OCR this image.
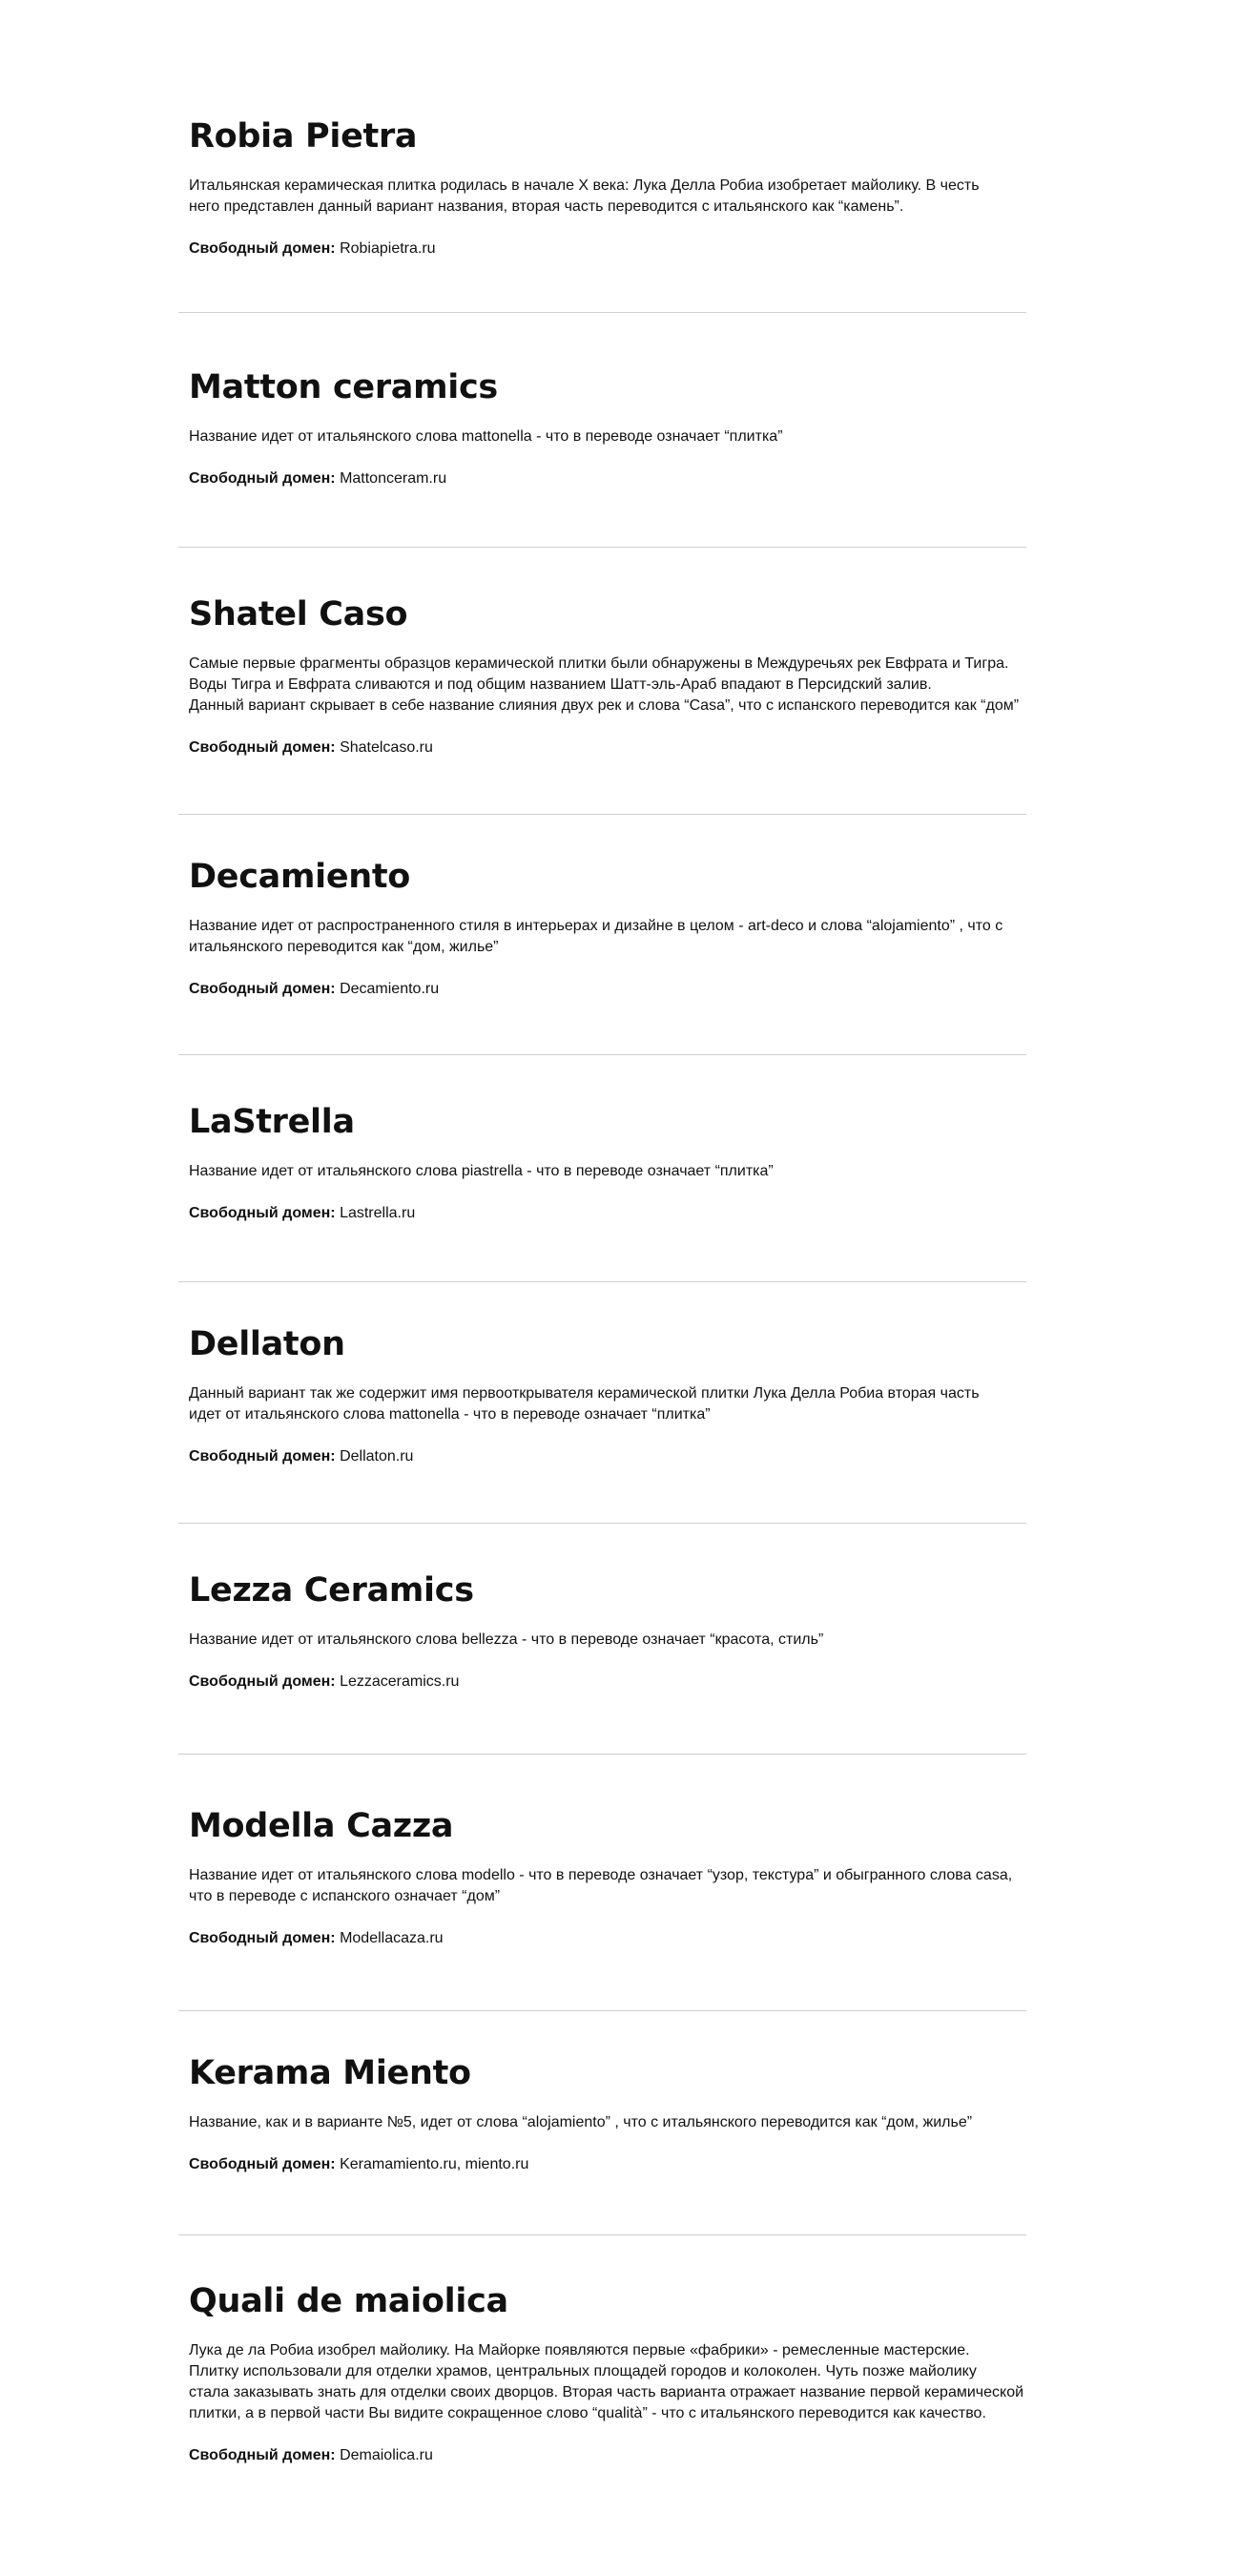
Robia Pietra

Итальянская керамическая плитка родилась в начале X века: Лука Делла Робиа изобретает майолику. В честь
него представлен данный вариант названия, вторая часть переводится с итальянского как “камень”.

Свободный домен: Robiapietra.ru

Matton ceramics

Название идет от итальянского слова mattonella - что в переводе означает “плитка”

Свободный домен: Mattonceram.ru

Shatel Caso

Самые первые фрагменты образцов керамической плитки были обнаружены в Междуречьях рек Евфрата и Тигра.
Воды Тигра и Евфрата сливаются и под общим названием Шатт-эль-Араб впадают в Персидский залив.
Данный вариант скрывает в себе название слияния двух рек и слова “Casa”, что с испанского переводится как “дом”

Свободный домен: Shatelcaso.ru

Decamiento

Название идет от распространенного стиля в интерьерах и дизайне в целом - art-deco и слова “alojamiento” , что с
итальянского переводится как “дом, жилье”

Свободный домен: Decamiento.ru

LaStrella

Название идет от итальянского слова piastrella - что в переводе означает “плитка”

Свободный домен: Lastrella.ru

Dellaton

Данный вариант так же содержит имя первооткрывателя керамической плитки Лука Делла Робиа вторая часть
идет от итальянского слова mattonella - что в переводе означает “плитка”

Свободный домен: Dellaton.ru

Lezza Ceramics

Название идет от итальянского слова bellezza - что в переводе означает “красота, стиль”

Свободный домен: Lezzaceramics.ru

Modella Cazza

Название идет от итальянского слова modello - что в переводе означает “узор, текстура” и обыгранного слова casa,
что в переводе с испанского означает “дом”

Свободный домен: Modellacaza.ru

Kerama Miento

Название, как и в варианте №5, идет от слова “alojamiento” , что с итальянского переводится как “дом, жилье”

Свободный домен: Keramamiento.ru, miento.ru

Quali de maiolica

Лука де ла Робиа изобрел майолику. На Майорке появляются первые «фабрики» - ремесленные мастерские.
Плитку использовали для отделки храмов, центральных площадей городов и колоколен. Чуть позже майолику
стала заказывать знать для отделки своих дворцов. Вторая часть варианта отражает название первой керамической
плитки, а в первой части Вы видите сокращенное слово “qualità” - что с итальянского переводится как качество.

Свободный домен: Demaiolica.ru
